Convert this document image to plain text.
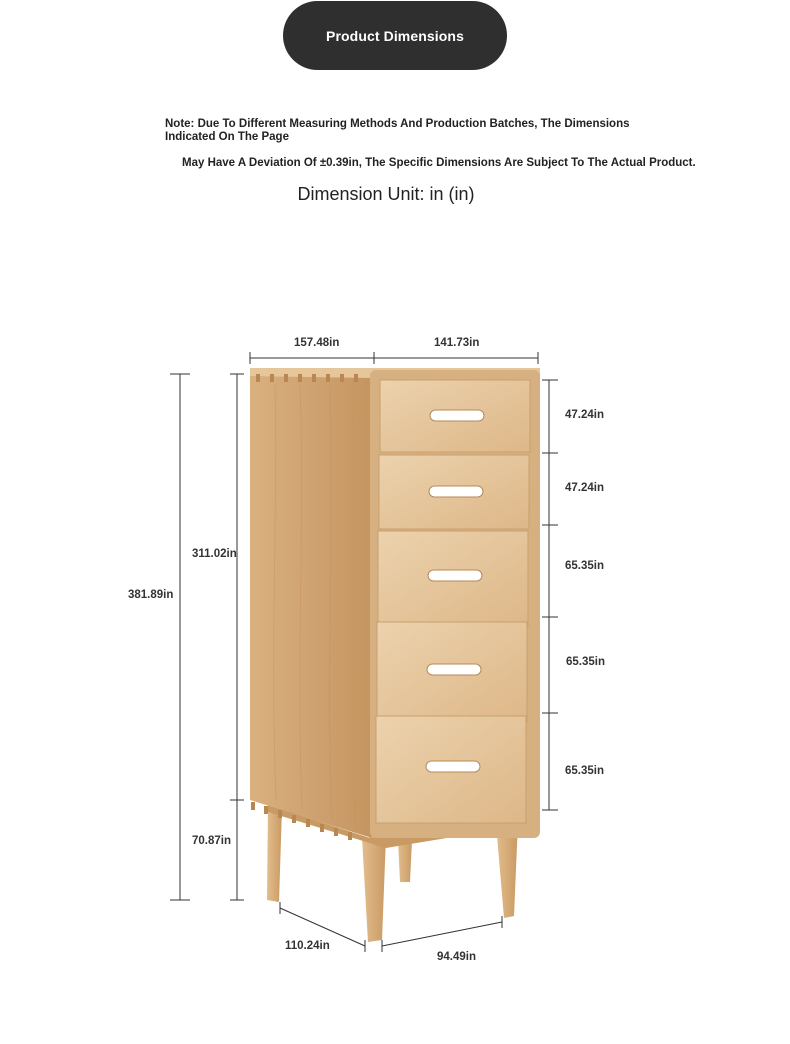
Product Dimensions
Note: Due To Different Measuring Methods And Production Batches, The Dimensions Indicated On The Page
May Have A Deviation Of ±0.39in, The Specific Dimensions Are Subject To The Actual Product.
Dimension Unit: in (in)
157.48in	141.73in
381.89in
311.02in
70.87in
47.24in
47.24in
65.35in
65.35in
65.35in
110.24in
94.49in
